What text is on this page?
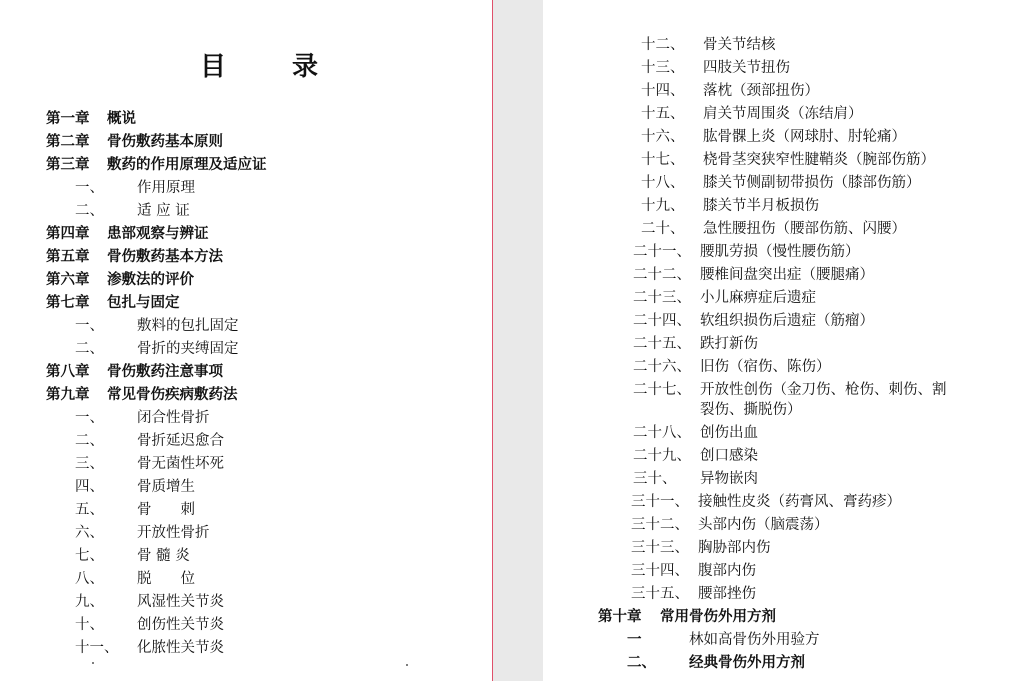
目	录
第一章 概说
第二章 骨伤敷药基本原则
第三章 敷药的作用原理及适应证
一、 作用原理
二、 适 应 证
第四章 患部观察与辨证
第五章 骨伤敷药基本方法
第六章 渗敷法的评价
第七章 包扎与固定
一、 敷料的包扎固定
二、 骨折的夹缚固定
第八章 骨伤敷药注意事项
第九章 常见骨伤疾病敷药法
一、 闭合性骨折
二、 骨折延迟愈合
三、 骨无菌性坏死
四、 骨质增生
五、 骨　　刺
六、 开放性骨折
七、 骨 髓 炎
八、 脱　　位
九、 风湿性关节炎
十、 创伤性关节炎
十一、 化脓性关节炎
十二、 骨关节结核
十三、 四肢关节扭伤
十四、 落枕（颈部扭伤）
十五、 肩关节周围炎（冻结肩）
十六、 肱骨髁上炎（网球肘、肘轮痛）
十七、 桡骨茎突狭窄性腱鞘炎（腕部伤筋）
十八、 膝关节侧副韧带损伤（膝部伤筋）
十九、 膝关节半月板损伤
二十、 急性腰扭伤（腰部伤筋、闪腰）
二十一、 腰肌劳损（慢性腰伤筋）
二十二、 腰椎间盘突出症（腰腿痛）
二十三、 小儿麻痹症后遗症
二十四、 软组织损伤后遗症（筋瘤）
二十五、 跌打新伤
二十六、 旧伤（宿伤、陈伤）
二十七、 开放性创伤（金刀伤、枪伤、刺伤、割
裂伤、撕脱伤）
二十八、 创伤出血
二十九、 创口感染
三十、 异物嵌肉
三十一、 接触性皮炎（药膏风、膏药疹）
三十二、 头部内伤（脑震荡）
三十三、 胸胁部内伤
三十四、 腹部内伤
三十五、 腰部挫伤
第十章 常用骨伤外用方剂
一	林如高骨伤外用验方
二、 经典骨伤外用方剂
